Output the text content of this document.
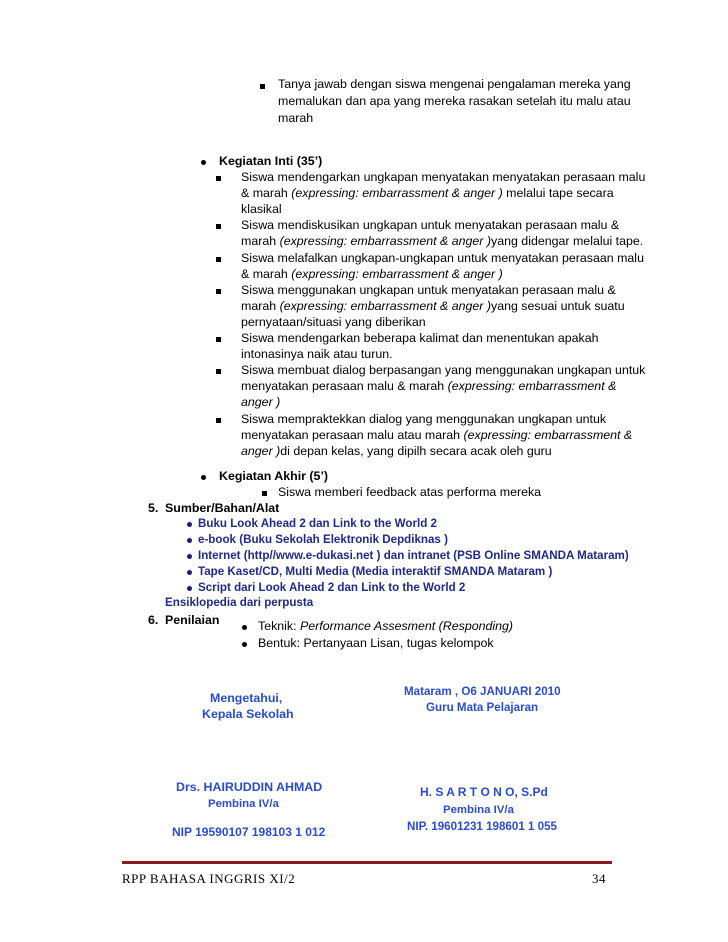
Tanya jawab dengan siswa mengenai pengalaman mereka yang
memalukan dan apa yang mereka rasakan setelah itu malu atau
marah
Kegiatan Inti (35’)
Siswa mendengarkan ungkapan menyatakan menyatakan perasaan malu
& marah (expressing: embarrassment & anger ) melalui tape secara
klasikal
Siswa mendiskusikan ungkapan untuk menyatakan perasaan malu &
marah (expressing: embarrassment & anger )yang didengar melalui tape.
Siswa melafalkan ungkapan-ungkapan untuk menyatakan perasaan malu
& marah (expressing: embarrassment & anger )
Siswa menggunakan ungkapan untuk menyatakan perasaan malu &
marah (expressing: embarrassment & anger )yang sesuai untuk suatu
pernyataan/situasi yang diberikan
Siswa mendengarkan beberapa kalimat dan menentukan apakah
intonasinya naik atau turun.
Siswa membuat dialog berpasangan yang menggunakan ungkapan untuk
menyatakan perasaan malu & marah (expressing: embarrassment &
anger )
Siswa mempraktekkan dialog yang menggunakan ungkapan untuk
menyatakan perasaan malu atau marah (expressing: embarrassment &
anger )di depan kelas, yang dipilh secara acak oleh guru
Kegiatan Akhir (5’)
Siswa memberi feedback atas performa mereka
5. Sumber/Bahan/Alat
Buku Look Ahead 2 dan Link to the World 2
e-book (Buku Sekolah Elektronik Depdiknas )
Internet (http//www.e-dukasi.net ) dan intranet (PSB Online SMANDA Mataram)
Tape Kaset/CD, Multi Media (Media interaktif SMANDA Mataram )
Script dari Look Ahead 2 dan Link to the World 2
Ensiklopedia dari perpusta
6. Penilaian	Teknik: Performance Assesment (Responding)
Bentuk: Pertanyaan Lisan, tugas kelompok
Mengetahui,
Kepala Sekolah
Drs. HAIRUDDIN AHMAD
Pembina IV/a
NIP 19590107 198103 1 012
Mataram , O6 JANUARI 2010
Guru Mata Pelajaran
H. S A R T O N O, S.Pd
Pembina IV/a
NIP. 19601231 198601 1 055
RPP BAHASA INGGRIS XI/2	34
